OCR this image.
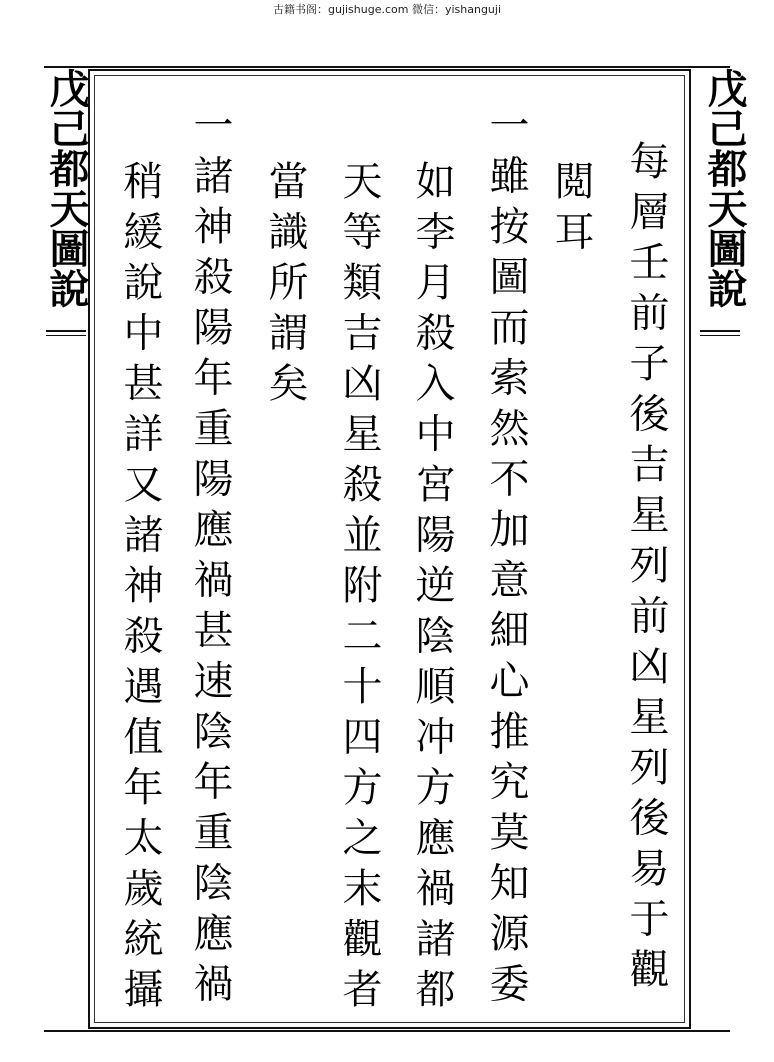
古籍书阁：gujishuge.com 微信：yishanguji
戊己都天圖說	戊己都天圖說
每層壬前子後吉星列前凶星列後易于觀
閲耳
一雖按圖而索然不加意細心推究莫知源委
如李月殺入中宮陽逆陰順冲方應禍諸都
天等類吉凶星殺並附二十四方之末觀者
當識所謂矣
一諸神殺陽年重陽應禍甚速陰年重陰應禍
稍緩說中甚詳又諸神殺遇值年太歲統攝
